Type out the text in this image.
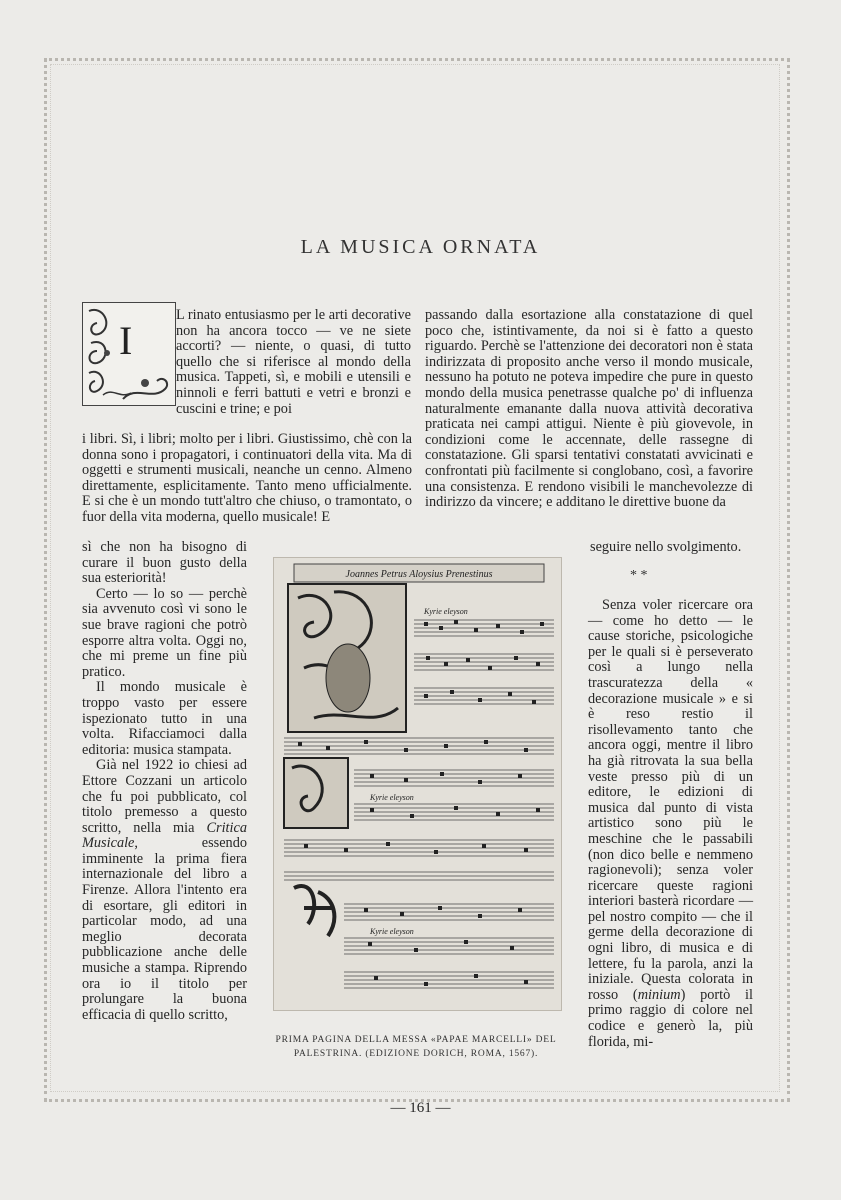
LA MUSICA ORNATA
I
L rinato entusiasmo per le arti decorative non ha ancora tocco — ve ne siete accorti? — niente, o quasi, di tutto quello che si riferisce al mondo della musica. Tappeti, sì, e mobili e utensili e ninnoli e ferri battuti e vetri e bronzi e cuscini e trine; e poi
i libri. Sì, i libri; molto per i libri. Giustissimo, chè con la donna sono i propagatori, i continuatori della vita. Ma di oggetti e strumenti musicali, neanche un cenno. Almeno direttamente, esplicitamente. Tanto meno ufficialmente. E si che è un mondo tutt'altro che chiuso, o tramontato, o fuor della vita moderna, quello musicale! E

sì che non ha bisogno di curare il buon gusto della sua esteriorità!

Certo — lo so — perchè sia avvenuto così vi sono le sue brave ragioni che potrò esporre altra volta. Oggi no, che mi preme un fine più pratico.

Il mondo musicale è troppo vasto per essere ispezionato tutto in una volta. Rifacciamoci dalla editoria: musica stampata.

Già nel 1922 io chiesi ad Ettore Cozzani un articolo che fu poi pubblicato, col titolo premesso a questo scritto, nella mia Critica Musicale, essendo imminente la prima fiera internazionale del libro a Firenze. Allora l'intento era di esortare, gli editori in particolar modo, ad una meglio decorata pubblicazione anche delle musiche a stampa. Riprendo ora io il titolo per prolungare la buona efficacia di quello scritto,

passando dalla esortazione alla constatazione di quel poco che, istintivamente, da noi si è fatto a questo riguardo. Perchè se l'attenzione dei decoratori non è stata indirizzata di proposito anche verso il mondo musicale, nessuno ha potuto ne poteva impedire che pure in questo mondo della musica penetrasse qualche po' di influenza naturalmente emanante dalla nuova attività decorativa praticata nei campi attigui. Niente è più giovevole, in condizioni come le accennate, delle rassegne di constatazione. Gli sparsi tentativi constatati avvicinati e confrontati più facilmente si conglobano, così, a favorire una consistenza. E rendono visibili le manchevolezze di indirizzo da vincere; e additano le direttive buone da
seguire nello svolgimento.
* *

Senza voler ricercare ora — come ho detto — le cause storiche, psicologiche per le quali si è perseverato così a lungo nella trascuratezza della « decorazione musicale » e si è reso restio il risollevamento tanto che ancora oggi, mentre il libro ha già ritrovata la sua bella veste presso più di un editore, le edizioni di musica dal punto di vista artistico sono più le meschine che le passabili (non dico belle e nemmeno ragionevoli); senza voler ricercare queste ragioni interiori basterà ricordare — pel nostro compito — che il germe della decorazione di ogni libro, di musica e di lettere, fu la parola, anzi la iniziale. Questa colorata in rosso (minium) portò il primo raggio di colore nel codice e generò la, più florida, mi-

Joannes Petrus Aloysius Prenestinus
Kyrie eleyson
Kyrie eleyson
Kyrie eleyson
PRIMA PAGINA DELLA MESSA «PAPAE MARCELLI» DEL PALESTRINA. (EDIZIONE DORICH, ROMA, 1567).
— 161 —
